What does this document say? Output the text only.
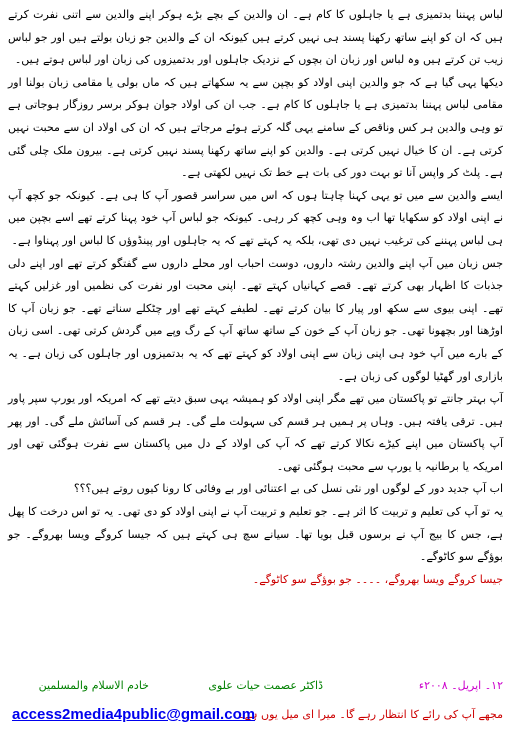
لباس پہننا بدتمیزی ہے یا جاہلوں کا کام ہے۔ ان والدین کے بچے بڑے ہوکر اپنے والدین سے اتنی نفرت کرتے ہیں کہ ان کو اپنے ساتھ رکھنا پسند ہی نہیں کرتے ہیں کیونکہ ان کے والدین جو زبان بولتے ہیں اور جو لباس زیب تن کرتے ہیں وہ لباس اور زبان ان بچوں کے نزدیک جاہلوں اور بدتمیزوں کی زبان اور لباس ہوتے ہیں۔

دیکھا یہی گیا ہے کہ جو والدین اپنی اولاد کو بچپن سے یہ سکھاتے ہیں کہ ماں بولی یا مقامی زبان بولنا اور مقامی لباس پہننا بدتمیزی ہے یا جاہلوں کا کام ہے۔ جب ان کی اولاد جوان ہوکر برسر روزگار ہوجاتی ہے تو وہی والدین ہر کس وناقص کے سامنے یہی گلہ کرتے ہوئے مرجاتے ہیں کہ ان کی اولاد ان سے محبت نہیں کرتی ہے۔ ان کا خیال نہیں کرتی ہے۔ والدین کو اپنے ساتھ رکھنا پسند نہیں کرتی ہے۔ بیرون ملک چلی گئی ہے۔ پلٹ کر واپس آنا تو بہت دور کی بات ہے خط تک نہیں لکھتی ہے۔

ایسے والدین سے میں تو یہی کہنا چاہتا ہوں کہ اس میں سراسر قصور آپ کا ہی ہے۔ کیونکہ جو کچھ آپ نے اپنی اولاد کو سکھایا تھا اب وہ وہی کچھ کر رہی۔ کیونکہ جو لباس آپ خود پہنا کرتے تھے اسے بچپن میں ہی لباس پہننے کی ترغیب نہیں دی تھی، بلکہ یہ کہتے تھے کہ یہ جاہلوں اور پینڈوؤں کا لباس اور پہناوا ہے۔

جس زبان میں آپ اپنے والدین رشتہ داروں، دوست احباب اور محلے داروں سے گفتگو کرتے تھے اور اپنے دلی جذبات کا اظہار بھی کرتے تھے۔ قصے کہانیاں کہتے تھے۔ اپنی محبت اور نفرت کی نظمیں اور غزلیں کہتے تھے۔ اپنی بیوی سے سکھ اور پیار کا بیان کرتے تھے۔ لطیفے کہتے تھے اور چٹکلے سناتے تھے۔ جو زبان آپ کا اوڑھنا اور بچھونا تھی۔ جو زبان آپ کے خون کے ساتھ ساتھ آپ کے رگ وپے میں گردش کرتی تھی۔ اسی زبان کے بارے میں آپ خود ہی اپنی زبان سے اپنی اولاد کو کہتے تھے کہ یہ بدتمیزوں اور جاہلوں کی زبان ہے۔ یہ بازاری اور گھٹیا لوگوں کی زبان ہے۔

آپ بہتر جانتے تو پاکستان میں تھے مگر اپنی اولاد کو ہمیشہ یہی سبق دیتے تھے کہ امریکہ اور یورپ سپر پاور ہیں۔ ترقی یافتہ ہیں۔ وہاں پر ہمیں ہر قسم کی سہولت ملے گی۔ ہر قسم کی آسائش ملے گی۔ اور پھر آپ پاکستان میں اپنے کیڑے نکالا کرتے تھے کہ آپ کی اولاد کے دل میں پاکستان سے نفرت ہوگئی تھی اور امریکہ یا برطانیہ یا یورپ سے محبت ہوگئی تھی۔

اب آپ جدید دور کے لوگوں اور نئی نسل کی بے اعتنائی اور بے وفائی کا رونا کیوں روتے ہیں؟؟؟

یہ تو آپ کی تعلیم و تربیت کا اثر ہے۔ جو تعلیم و تربیت آپ نے اپنی اولاد کو دی تھی۔ یہ تو اس درخت کا پھل ہے، جس کا بیج آپ نے برسوں قبل بویا تھا۔ سیانے سچ ہی کہتے ہیں کہ جیسا کروگے ویسا بھروگے۔ جو بوؤگے سو کاٹوگے۔

جیسا کروگے ویسا بھروگے، ۔۔۔۔ جو بوؤگے سو کاٹوگے۔

خادم الاسلام والمسلمین	ڈاکٹر عصمت حیات علوی	۱۲۔ اپریل۔ ۲۰۰۸ء
مجھے آپ کی رائے کا انتظار رہے گا۔ میرا ای میل یوں ہے۔
access2media4public@gmail.com
